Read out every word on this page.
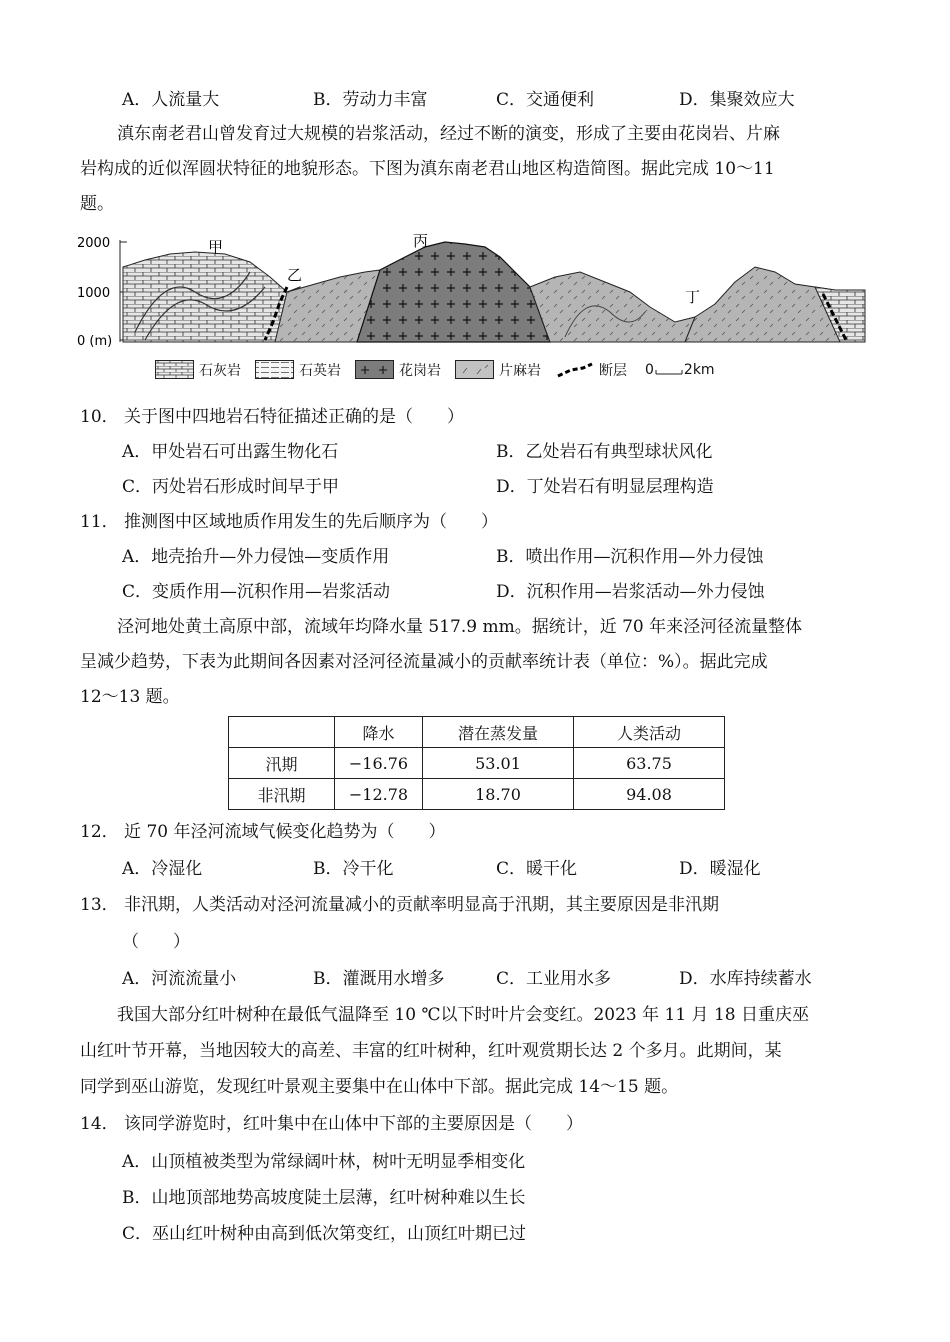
A．人流量大	B．劳动力丰富	C．交通便利	D．集聚效应大
滇东南老君山曾发育过大规模的岩浆活动，经过不断的演变，形成了主要由花岗岩、片麻
岩构成的近似浑圆状特征的地貌形态。下图为滇东南老君山地区构造简图。据此完成 10～11
题。
2000
1000
0 (m)
甲
乙
丙
丁
石灰岩	石英岩	花岗岩	片麻岩	断层 0 2km
10． 关于图中四地岩石特征描述正确的是（　　）
A．甲处岩石可出露生物化石	B．乙处岩石有典型球状风化
C．丙处岩石形成时间早于甲	D．丁处岩石有明显层理构造
11． 推测图中区域地质作用发生的先后顺序为（　　）
A．地壳抬升—外力侵蚀—变质作用	B．喷出作用—沉积作用—外力侵蚀
C．变质作用—沉积作用—岩浆活动	D．沉积作用—岩浆活动—外力侵蚀
泾河地处黄土高原中部，流域年均降水量 517.9 mm。据统计，近 70 年来泾河径流量整体
呈减少趋势，下表为此期间各因素对泾河径流量减小的贡献率统计表（单位：%）。据此完成
12～13 题。
	降水	潜在蒸发量	人类活动
汛期	−16.76	53.01	63.75
非汛期	−12.78	18.70	94.08
12． 近 70 年泾河流域气候变化趋势为（　　）
A．冷湿化	B．冷干化	C．暖干化	D．暖湿化
13． 非汛期，人类活动对泾河流量减小的贡献率明显高于汛期，其主要原因是非汛期
（　　）
A．河流流量小	B．灌溉用水增多	C．工业用水多	D．水库持续蓄水
我国大部分红叶树种在最低气温降至 10 ℃以下时叶片会变红。2023 年 11 月 18 日重庆巫
山红叶节开幕，当地因较大的高差、丰富的红叶树种，红叶观赏期长达 2 个多月。此期间，某
同学到巫山游览，发现红叶景观主要集中在山体中下部。据此完成 14～15 题。
14． 该同学游览时，红叶集中在山体中下部的主要原因是（　　）
A．山顶植被类型为常绿阔叶林，树叶无明显季相变化
B．山地顶部地势高坡度陡土层薄，红叶树种难以生长
C．巫山红叶树种由高到低次第变红，山顶红叶期已过
